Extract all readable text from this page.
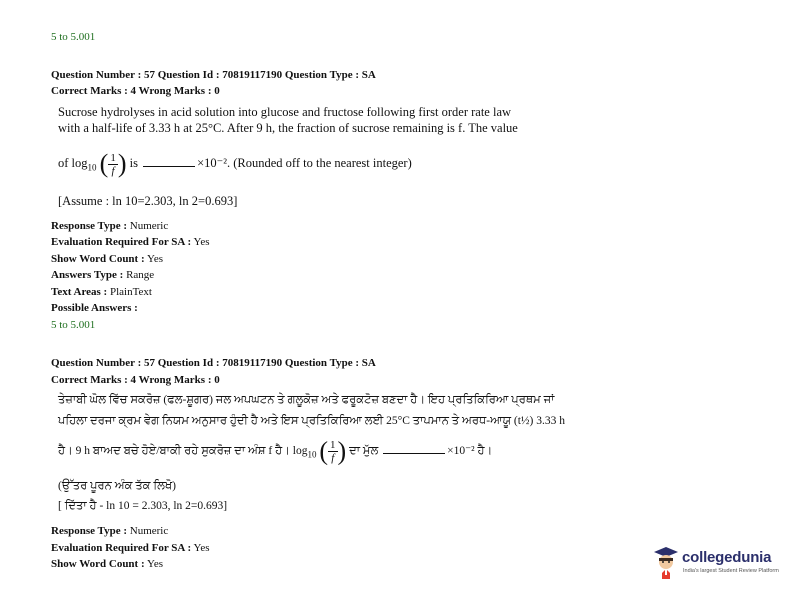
5 to 5.001
Question Number : 57 Question Id : 70819117190 Question Type : SA
Correct Marks : 4 Wrong Marks : 0
Sucrose hydrolyses in acid solution into glucose and fructose following first order rate law
with a half-life of 3.33 h at 25°C. After 9 h, the fraction of sucrose remaining is f. The value
of $\log_{10}$ ( $\frac{1}{f}$ ) is	×10⁻². (Rounded off to the nearest integer)
[Assume : ln 10=2.303, ln 2=0.693]
Response Type : Numeric
Evaluation Required For SA : Yes
Show Word Count : Yes
Answers Type : Range
Text Areas : PlainText
Possible Answers :
5 to 5.001
Question Number : 57 Question Id : 70819117190 Question Type : SA
Correct Marks : 4 Wrong Marks : 0
ਤੇਜ਼ਾਬੀ ਘੋਲ ਵਿੱਚ ਸਕਰੋਜ਼ (ਫਲ-ਸ਼ੂਗਰ) ਜਲ ਅਪਘਟਨ ਤੇ ਗਲੂਕੋਜ਼ ਅਤੇ ਫਰੂਕਟੋਜ਼ ਬਣਦਾ ਹੈ। ਇਹ ਪ੍ਰਤਿਕਿਰਿਆ ਪ੍ਰਥਮ ਜਾਂ
ਪਹਿਲਾ ਦਰਜਾ ਕ੍ਰਮ ਵੇਗ ਨਿਯਮ ਅਨੁਸਾਰ ਹੁੰਦੀ ਹੈ ਅਤੇ ਇਸ ਪ੍ਰਤਿਕਿਰਿਆ ਲਈ 25°C ਤਾਪਮਾਨ ਤੇ ਅਰਧ-ਆਯੂ (t½) 3.33 h
ਹੈ। 9 h ਬਾਅਦ ਬਚੇ ਹੋਏ/ਬਾਕੀ ਰਹੇ ਸੁਕਰੋਜ਼ ਦਾ ਅੰਸ਼ f ਹੈ। $\log_{10}$ ( $\frac{1}{f}$ ) ਦਾ ਮੁੱਲ	×10⁻² ਹੈ।
(ਉੱਤਰ ਪੂਰਨ ਅੰਕ ਤੱਕ ਲਿਖੋ)
[ ਦਿੱਤਾ ਹੈ - ln 10 = 2.303, ln 2=0.693]
Response Type : Numeric
Evaluation Required For SA : Yes
Show Word Count : Yes	collegedunia
India's largest Student Review Platform
